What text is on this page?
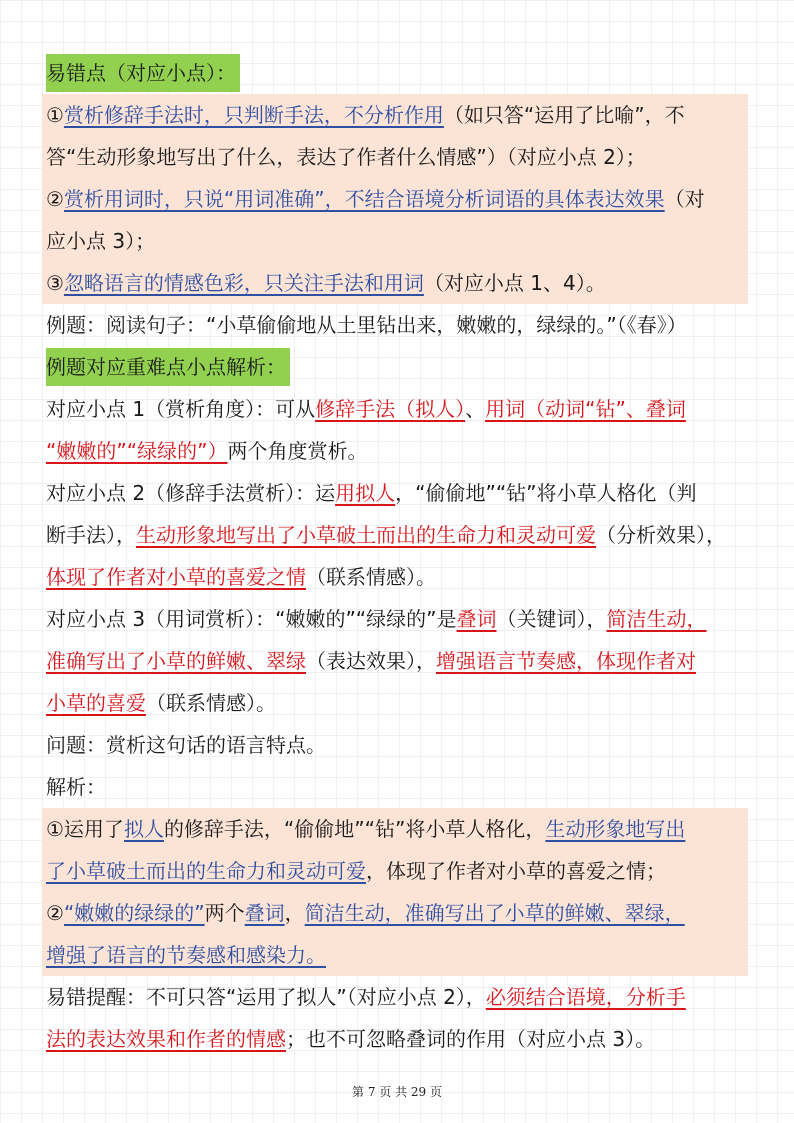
易错点（对应小点）：

①赏析修辞手法时，只判断手法，不分析作用（如只答“运用了比喻”，不

答“生动形象地写出了什么，表达了作者什么情感”）（对应小点 2）；

②赏析用词时，只说“用词准确”，不结合语境分析词语的具体表达效果（对

应小点 3）；

③忽略语言的情感色彩，只关注手法和用词（对应小点 1、4）。

例题：阅读句子：“小草偷偷地从土里钻出来，嫩嫩的，绿绿的。”（《春》）

例题对应重难点小点解析：

对应小点 1（赏析角度）：可从修辞手法（拟人）、用词（动词“钻”、叠词

“嫩嫩的”“绿绿的”）两个角度赏析。

对应小点 2（修辞手法赏析）：运用拟人，“偷偷地”“钻”将小草人格化（判

断手法），生动形象地写出了小草破土而出的生命力和灵动可爱（分析效果），

体现了作者对小草的喜爱之情（联系情感）。

对应小点 3（用词赏析）：“嫩嫩的”“绿绿的”是叠词（关键词），简洁生动，

准确写出了小草的鲜嫩、翠绿（表达效果），增强语言节奏感，体现作者对

小草的喜爱（联系情感）。

问题：赏析这句话的语言特点。

解析：

①运用了拟人的修辞手法，“偷偷地”“钻”将小草人格化，生动形象地写出

了小草破土而出的生命力和灵动可爱，体现了作者对小草的喜爱之情；

②“嫩嫩的绿绿的”两个叠词，简洁生动，准确写出了小草的鲜嫩、翠绿，

增强了语言的节奏感和感染力。

易错提醒：不可只答“运用了拟人”（对应小点 2），必须结合语境，分析手

法的表达效果和作者的情感；也不可忽略叠词的作用（对应小点 3）。

第 7 页 共 29 页
